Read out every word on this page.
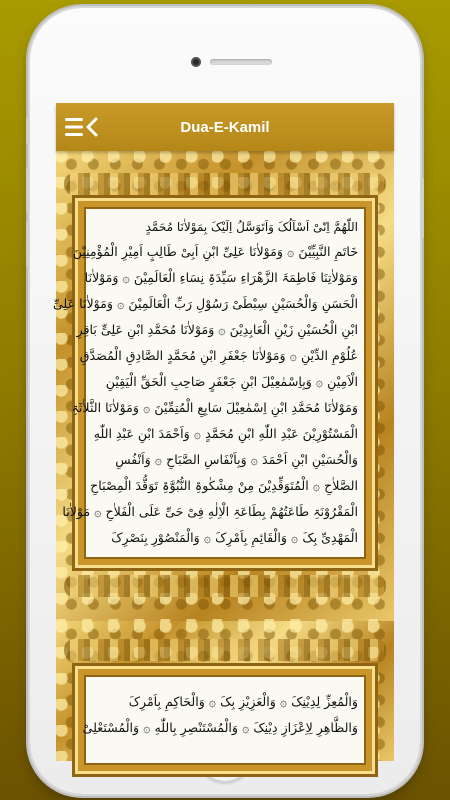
Dua-E-Kamil
اللّٰهُمَّ اِنّیْ اَسْاَلُکَ وَاَتَوَسَّلُ اِلَیْکَ بِمَوْلاٰنَا مُحَمَّدٍ
خَاتَمِ النَّبِیِّیْنَ ۞ وَمَوْلاٰنَا عَلِیِّ ابْنِ اَبِیْ طَالِبٍ اَمِیْرِ الْمُؤْمِنِیْنَ
وَمَوْلاٰتِنَا فَاطِمَۃَ الزَّهْرَاءِ سَیِّدَۃِ نِسَاءِ الْعَالَمِیْنَ ۞ وَمَوْلاٰنَا
الْحَسَنِ وَالْحُسَیْنِ سِبْطَیْ رَسُوْلِ رَبِّ الْعَالَمِیْنَ ۞ وَمَوْلاٰنَا عَلِیِّ
ابْنِ الْحُسَیْنِ زَیْنِ الْعَابِدِیْنَ ۞ وَمَوْلاٰنَا مُحَمَّدِ ابْنِ عَلِیٍّ بَاقِرِ
عُلُوْمِ الدِّیْنِ ۞ وَمَوْلاٰنَا جَعْفَرِ ابْنِ مُحَمَّدٍ الصَّادِقِ الْمُصَدَّقِ
الْاَمِیْنِ ۞ وَبِاِسْمٰعِیْلَ ابْنِ جَعْفَرٍ صَاحِبِ الْحَقِّ الْیَقِیْنِ
وَمَوْلاٰنَا مُحَمَّدِ ابْنِ اِسْمٰعِیْلَ سَابِعِ الْمُتِمِّیْنَ ۞ وَمَوْلاٰنَا الثَّلاٰثَۃِ
الْمَسْتُوْرِیْنَ عَبْدِ اللّٰهِ ابْنِ مُحَمَّدٍ ۞ وَاَحْمَدَ ابْنِ عَبْدِ اللّٰهِ
وَالْحُسَیْنِ ابْنِ اَحْمَدَ ۞ وَبِاَنْفَاسِ الصَّبَاحِ ۞ وَاَنْفُسِ
الصَّلاٰحِ ۞ الْمُتَوَقِّدِیْنَ مِنْ مِشْکٰوۃِ النُّبُوَّۃِ تَوَقُّدَ الْمِصْبَاحِ
الْمَقْرُوْنَۃِ طَاعَتُهُمْ بِطَاعَۃِ الْاِلٰهِ فِیْ حَیِّ عَلَی الْفَلاٰحِ ۞ مَوْلاٰنَا
الْمَهْدِیِّ بِکَ ۞ وَالْقَائِمِ بِاَمْرِکَ ۞ وَالْمَنْصُوْرِ بِنَصْرِکَ
وَالْمُعِزِّ لِدِیْنِکَ ۞ وَالْعَزِیْزِ بِکَ ۞ وَالْحَاکِمِ بِاَمْرِکَ
وَالظَّاهِرِ لِاِعْزَازِ دِیْنِکَ ۞ وَالْمُسْتَنْصِرِ بِاللّٰهِ ۞ وَالْمُسْتَعْلِیْ
